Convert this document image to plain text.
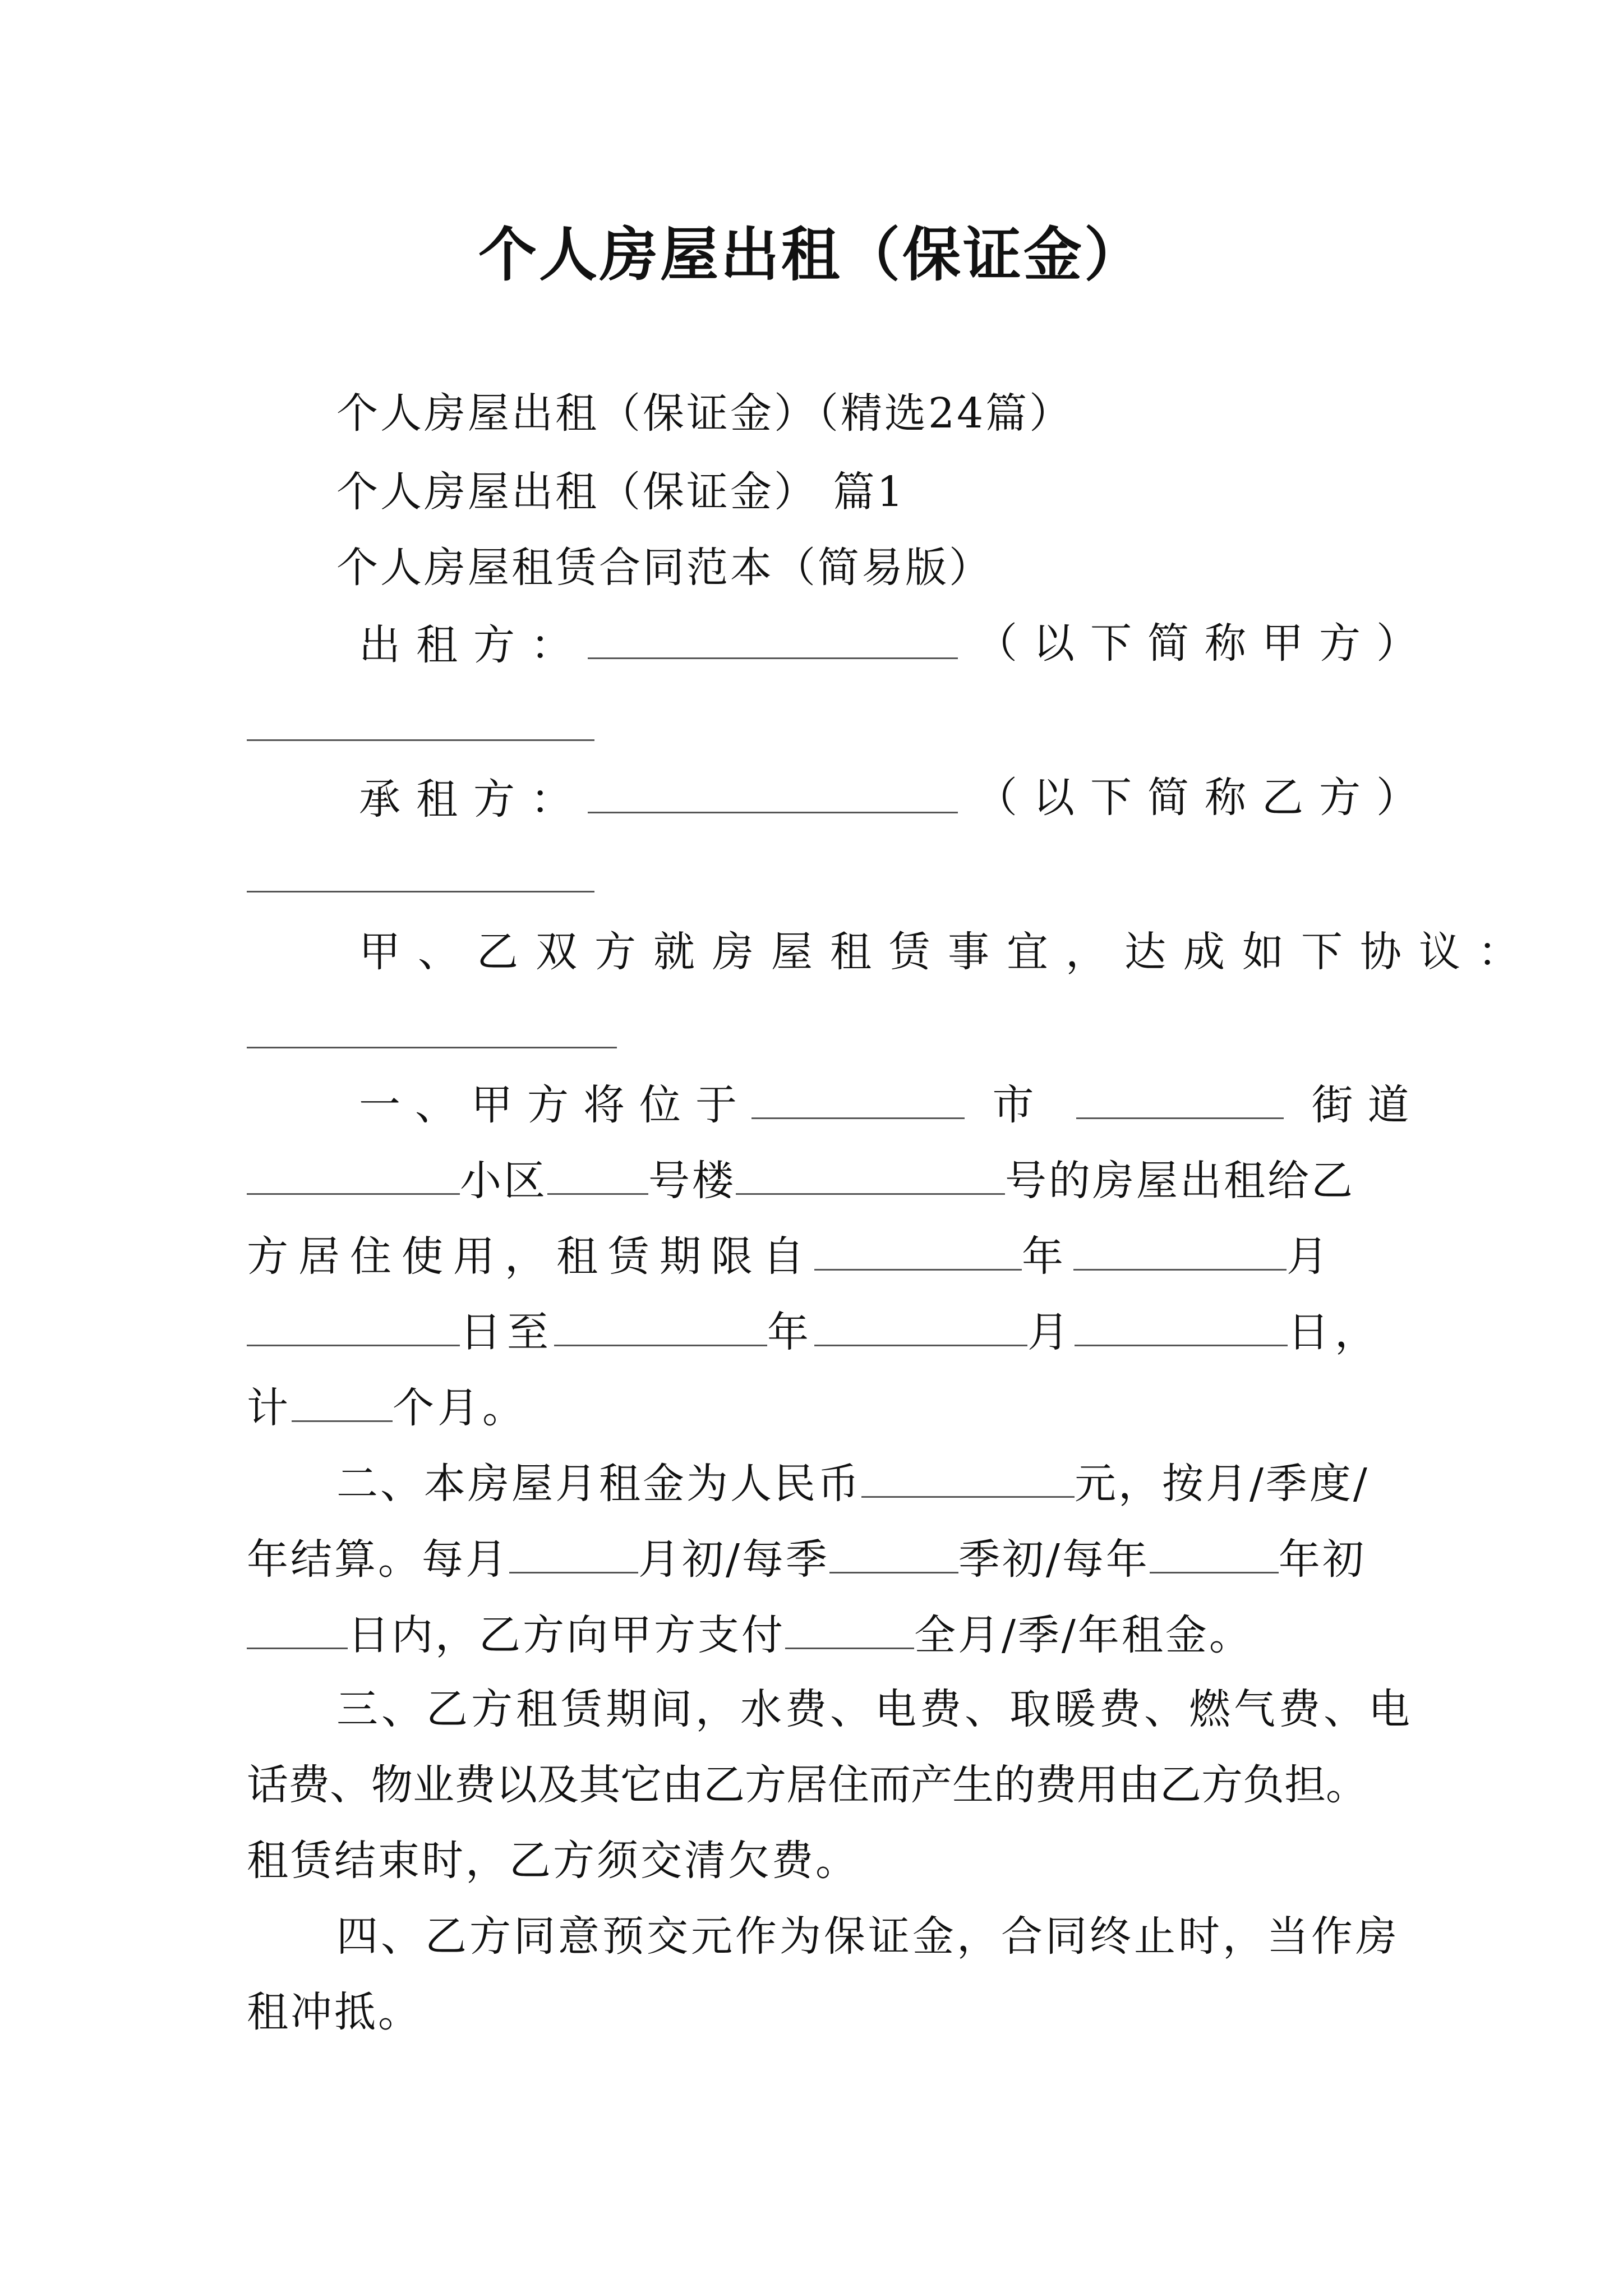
个人房屋出租（保证金）
个人房屋出租（保证金）（精选24篇）
个人房屋出租（保证金） 篇1
个人房屋租赁合同范本（简易版）
出租方：	（以下简称甲方）
承租方：	（以下简称乙方）
甲、乙双方就房屋租赁事宜，达成如下协议：
一、甲方将位于	市	街道
小区 号楼	号的房屋出租给乙
方居住使用，租赁期限自	年	月
日至	年	月	日，
计 个月。
二、本房屋月租金为人民币	元，按月/季度/
年结算。每月	月初/每季	季初/每年	年初
日内，乙方向甲方支付	全月/季/年租金。
三、乙方租赁期间，水费、电费、取暖费、燃气费、电
话费、物业费以及其它由乙方居住而产生的费用由乙方负担。
租赁结束时，乙方须交清欠费。
四、乙方同意预交元作为保证金，合同终止时，当作房
租冲抵。
